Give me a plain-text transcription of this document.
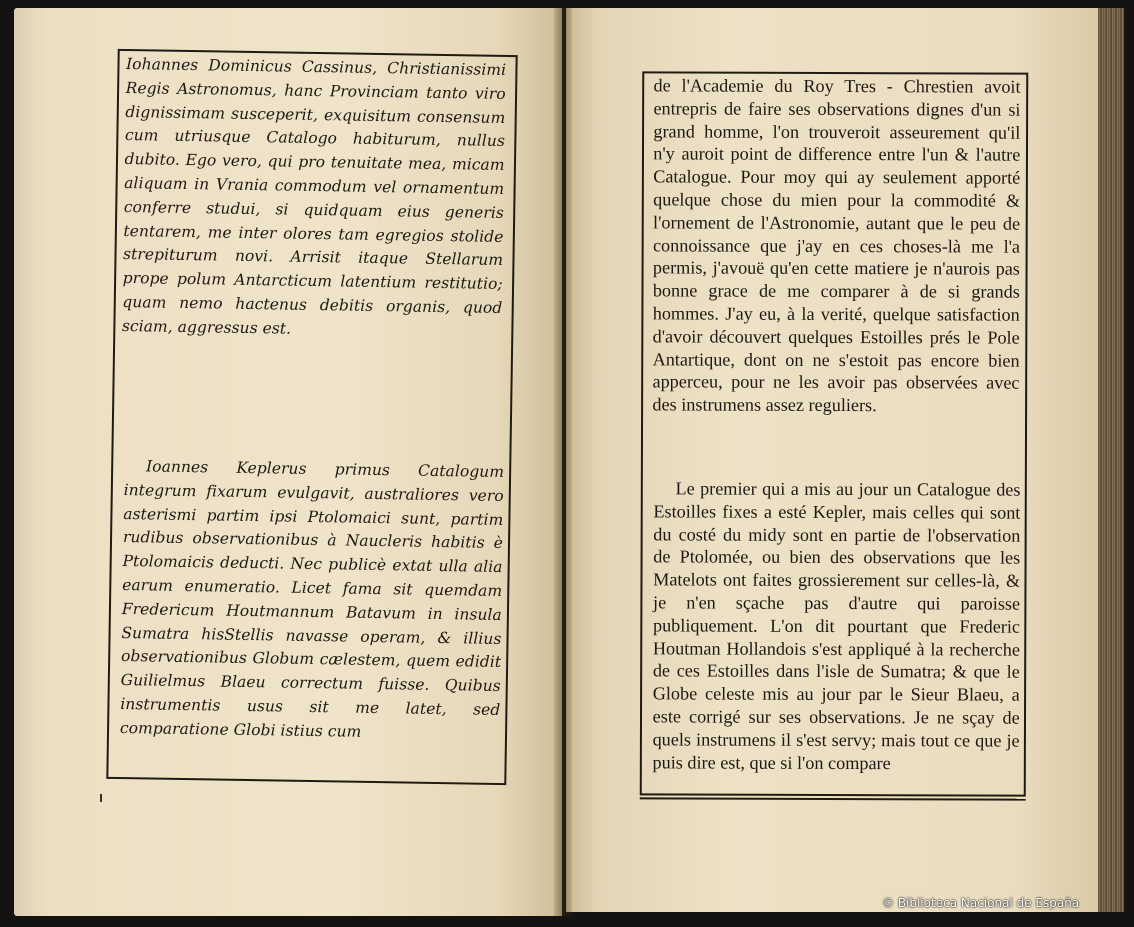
Iohannes Dominicus Cassinus, Christianissimi Regis Astronomus, hanc Provinciam tanto viro dignissimam susceperit, exquisitum consensum cum utriusque Catalogo habiturum, nullus dubito. Ego vero, qui pro tenuitate mea, micam aliquam in Vrania commodum vel ornamentum conferre studui, si quidquam eius generis tentarem, me inter olores tam egregios stolide strepiturum novi. Arrisit itaque Stellarum prope polum Antarcticum latentium restitutio; quam nemo hactenus debitis organis, quod sciam, aggressus est.

Ioannes Keplerus primus Catalogum integrum fixarum evulgavit, australiores vero asterismi partim ipsi Ptolomaici sunt, partim rudibus observationibus à Naucleris habitis è Ptolomaicis deducti. Nec publicè extat ulla alia earum enumeratio. Licet fama sit quemdam Fredericum Houtmannum Batavum in insula Sumatra hisStellis navasse operam, & illius observationibus Globum cælestem, quem edidit Guilielmus Blaeu correctum fuisse. Quibus instrumentis usus sit me latet, sed comparatione Globi istius cum

de l'Academie du Roy Tres - Chrestien avoit entrepris de faire ses observations dignes d'un si grand homme, l'on trouveroit asseurement qu'il n'y auroit point de difference entre l'un & l'autre Catalogue. Pour moy qui ay seulement apporté quelque chose du mien pour la commodité & l'ornement de l'Astronomie, autant que le peu de connoissance que j'ay en ces choses-là me l'a permis, j'avouë qu'en cette matiere je n'aurois pas bonne grace de me comparer à de si grands hommes. J'ay eu, à la verité, quelque satisfaction d'avoir découvert quelques Estoilles prés le Pole Antartique, dont on ne s'estoit pas encore bien apperceu, pour ne les avoir pas observées avec des instrumens assez reguliers.

Le premier qui a mis au jour un Catalogue des Estoilles fixes a esté Kepler, mais celles qui sont du costé du midy sont en partie de l'observation de Ptolomée, ou bien des observations que les Matelots ont faites grossierement sur celles-là, & je n'en sçache pas d'autre qui paroisse publiquement. L'on dit pourtant que Frederic Houtman Hollandois s'est appliqué à la recherche de ces Estoilles dans l'isle de Sumatra; & que le Globe celeste mis au jour par le Sieur Blaeu, a este corrigé sur ses observations. Je ne sçay de quels instrumens il s'est servy; mais tout ce que je puis dire est, que si l'on compare

© Biblioteca Nacional de España
